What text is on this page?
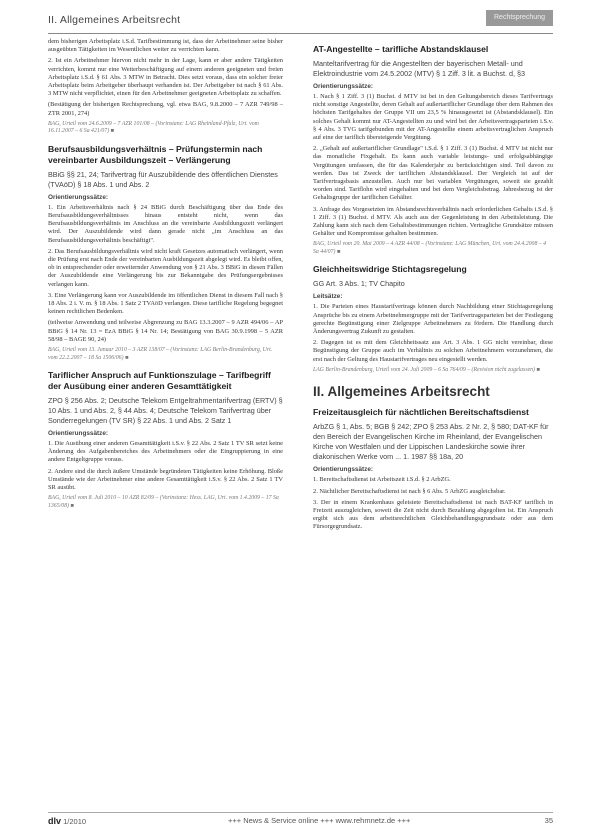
II. Allgemeines Arbeitsrecht	Rechtsprechung

dem bisherigen Arbeitsplatz i.S.d. Tarifbestimmung ist, dass der Arbeitnehmer seine bisher ausgeübten Tätigkeiten im Wesentlichen weiter zu verrichten kann.

2. Ist ein Arbeitnehmer hiervon nicht mehr in der Lage, kann er aber andere Tätigkeiten verrichten, kommt nur eine Weiterbeschäftigung auf einem anderen geeigneten und freien Arbeitsplatz i.S.d. § 61 Abs. 3 MTW in Betracht. Dies setzt voraus, dass ein solcher freier Arbeitsplatz beim Arbeitgeber überhaupt verhanden ist. Der Arbeitgeber ist nach § 61 Abs. 3 MTW nicht verpflichtet, einen für den Arbeitnehmer geeigneten Arbeitsplatz zu schaffen.

(Bestätigung der bisherigen Rechtsprechung, vgl. etwa BAG, 9.8.2000 – 7 AZR 749/98 – ZTR 2001, 274)

BAG, Urteil vom 24.6.2009 – 7 AZR 101/08 – (Vorinstanz: LAG Rheinland-Pfalz, Urt. vom 16.11.2007 – 6 Sa 421/07) ■

Berufsausbildungsverhältnis – Prüfungstermin nach vereinbarter Ausbildungszeit – Verlängerung
BBiG §§ 21, 24; Tarifvertrag für Auszubildende des öffentlichen Dienstes (TVAöD) § 18 Abs. 1 und Abs. 2
Orientierungssätze:

1. Ein Arbeitsverhältnis nach § 24 BBiG durch Beschäftigung über das Ende des Berufsausbildungsverhältnisses hinaus entsteht nicht, wenn das Berufsausbildungsverhältnis im Anschluss an die vereinbarte Ausbildungszeit verlängert wird. Der Auszubildende wird dann gerade nicht „im Anschluss an das Berufsausbildungsverhältnis beschäftigt".

2. Das Berufsausbildungsverhältnis wird nicht kraft Gesetzes automatisch verlängert, wenn die Prüfung erst nach Ende der vereinbarten Ausbildungszeit abgelegt wird. Es bleibt offen, ob in entsprechender oder erweiternder Anwendung von § 21 Abs. 3 BBiG in diesen Fällen der Auszubildende eine Verlängerung bis zur Bekanntgabe des Prüfungsergebnisses verlangen kann.

3. Eine Verlängerung kann vor Auszubildende im öffentlichen Dienst in diesem Fall nach § 18 Abs. 2 i. V. m. § 18 Abs. 1 Satz 2 TVAöD verlangen. Diese tarifliche Regelung begegnet keinen rechtlichen Bedenken.

(teilweise Anwendung und teilweise Abgrenzung zu BAG 13.3.2007 – 9 AZR 494/06 – AP BBiG § 14 Nr. 13 = EzA BBiG § 14 Nr. 14; Bestätigung von BAG 30.9.1998 – 5 AZR 58/98 – BAGE 90, 24)

BAG, Urteil vom 13. Januar 2010 – 3 AZR 138/07 – (Vorinstanz: LAG Berlin-Brandenburg, Urt. vom 22.2.2007 – 18 Sa 1506/06) ■

Tariflicher Anspruch auf Funktionszulage – Tarifbegriff der Ausübung einer anderen Gesamttätigkeit
ZPO § 256 Abs. 2; Deutsche Telekom Entgeltrahmentarifvertrag (ERTV) § 10 Abs. 1 und Abs. 2, § 44 Abs. 4; Deutsche Telekom Tarifvertrag über Sonderregelungen (TV SR) § 22 Abs. 1 und Abs. 2 Satz 1
Orientierungssätze:

1. Die Ausübung einer anderen Gesamttätigkeit i.S.v. § 22 Abs. 2 Satz 1 TV SR setzt keine Änderung des Aufgabenbereiches des Arbeitnehmers oder die Eingruppierung in eine andere Entgeltgruppe voraus.

2. Andere sind die durch äußere Umstände begründeten Tätigkeiten keine Erhöhung. Bloße Umstände wie der Arbeitnehmer eine andere Gesamttätigkeit i.S.v. § 22 Abs. 2 Satz 1 TV SR ausübt.

BAG, Urteil vom 8. Juli 2010 – 10 AZR 82/09 – (Vorinstanz: Hess. LAG, Urt. vom 1.4.2009 – 17 Sa 1365/08) ■

AT-Angestellte – tarifliche Abstandsklausel
Manteltarifvertrag für die Angestellten der bayerischen Metall- und Elektroindustrie vom 24.5.2002 (MTV) § 1 Ziff. 3 lit. a Buchst. d, §3
Orientierungssätze:

1. Nach § 1 Ziff. 3 (1) Buchst. d MTV ist bei in den Geltungsbereich dieses Tarifvertrags nicht sonstige Angestellte, deren Gehalt auf außertariflicher Grundlage über dem Rahmen des höchsten Tarifgehaltes der Gruppe VII um 23,5 % hinausgesetzt ist (Abstandsklausel). Ein solches Gehalt kommt nur AT-Angestellten zu und wird bei der Arbeitsvertragsparteien i.S.v. § 4 Abs. 3 TVG tarifgebunden mit der AT-Angestellte einem arbeitsvertraglichen Anspruch auf eine der tariflich übersteigende Vergütung.

2. „Gehalt auf außertariflicher Grundlage" i.S.d. § 1 Ziff. 3 (1) Buchst. d MTV ist nicht nur das monatliche Fixgehalt. Es kann auch variable leistungs- und erfolgsabhängige Vergütungen umfassen, die für das Kalenderjahr zu berücksichtigen sind. Teil davon zu werden. Das ist Zweck der tariflichen Abstandsklausel. Der Vergleich ist auf der Tarifvertragsbasis anzustellen. Auch nur bei variablen Vergütungen, soweit sie gezahlt worden sind. Tariflohn wird eingehalten und bei dem Vergleichsbetrag. Jahresbezug ist der Gehaltsgruppe der tariflichen Gehälter.

3. Anfrage des Vorgesetzten im Abstandsrechtsverhältnis nach erforderlichen Gehalts i.S.d. § 1 Ziff. 3 (1) Buchst. d MTV. Als auch aus der Gegenleistung in den Arbeitsleistung. Die Zahlung kann sich nach dem Gehaltsbestimmungen richten. Vertragliche Grundsätze müssen Gehälter und Kompromisse gehalten bestimmen.

BAG, Urteil vom 20. Mai 2009 – 4 AZR 44/08 – (Vorinstanz: LAG München, Urt. vom 24.4.2008 – 4 Sa 44/07) ■

Gleichheitswidrige Stichtagsregelung
GG Art. 3 Abs. 1; TV Chapito
Leitsätze:

1. Die Parteien eines Haustarifvertrags können durch Nachbildung einer Stichtagsregelung Ansprüche bis zu einem Arbeitnehmergruppe mit der Tarifvertragsparteien bei der Festlegung gerechte Begünstigung einer Zielgruppe Arbeitnehmers zu fördern. Die Handlung durch Änderungsvertrag Zukunft zu gestalten.

2. Dagegen ist es mit dem Gleichheitssatz aus Art. 3 Abs. 1 GG nicht vereinbar, diese Begünstigung der Gruppe auch im Verhältnis zu solchen Arbeitnehmern vorzunehmen, die erst nach der Geltung des Haustarifvertrages neu eingestellt werden.

LAG Berlin-Brandenburg, Urteil vom 24. Juli 2009 – 6 Sa 764/09 – (Revision nicht zugelassen) ■

II. Allgemeines Arbeitsrecht
Freizeitausgleich für nächtlichen Bereitschaftsdienst
ArbZG § 1, Abs. 5; BGB § 242; ZPO § 253 Abs. 2 Nr. 2, § 580; DAT-KF für den Bereich der Evangelischen Kirche im Rheinland, der Evangelischen Kirche von Westfalen und der Lippischen Landeskirche sowie ihrer diakonischen Werke vom ... 1. 1987 §§ 18a, 20
Orientierungssätze:

1. Bereitschaftsdienst ist Arbeitszeit i.S.d. § 2 ArbZG.

2. Nächtlicher Bereitschaftsdienst ist nach § 6 Abs. 5 ArbZG ausgleichsbar.

3. Der in einem Krankenhaus geleistete Bereitschaftsdienst ist nach BAT-KF tariflich in Freizeit auszugleichen, soweit die Zeit nicht durch Bezahlung abgegolten ist. Ein Anspruch ergibt sich aus dem arbeitsrechtlichen Gleichbehandlungsgrundsatz oder aus dem Fürsorgegrundsatz.

dlv 1/2010	+++ News & Service online +++ www.rehmnetz.de +++	35
